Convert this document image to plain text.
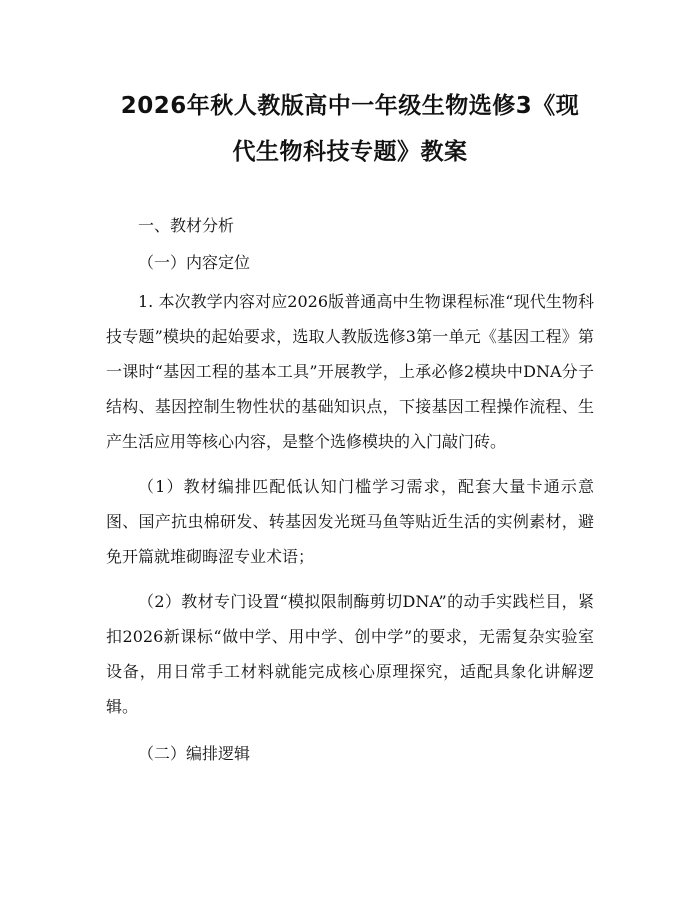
2026年秋人教版高中一年级生物选修3《现
代生物科技专题》教案

一、教材分析

（一）内容定位

1. 本次教学内容对应2026版普通高中生物课程标准“现代生物科技专题”模块的起始要求，选取人教版选修3第一单元《基因工程》第一课时“基因工程的基本工具”开展教学，上承必修2模块中DNA分子结构、基因控制生物性状的基础知识点，下接基因工程操作流程、生产生活应用等核心内容，是整个选修模块的入门敲门砖。

（1）教材编排匹配低认知门槛学习需求，配套大量卡通示意图、国产抗虫棉研发、转基因发光斑马鱼等贴近生活的实例素材，避免开篇就堆砌晦涩专业术语；

（2）教材专门设置“模拟限制酶剪切DNA”的动手实践栏目，紧扣2026新课标“做中学、用中学、创中学”的要求，无需复杂实验室设备，用日常手工材料就能完成核心原理探究，适配具象化讲解逻辑。

（二）编排逻辑
